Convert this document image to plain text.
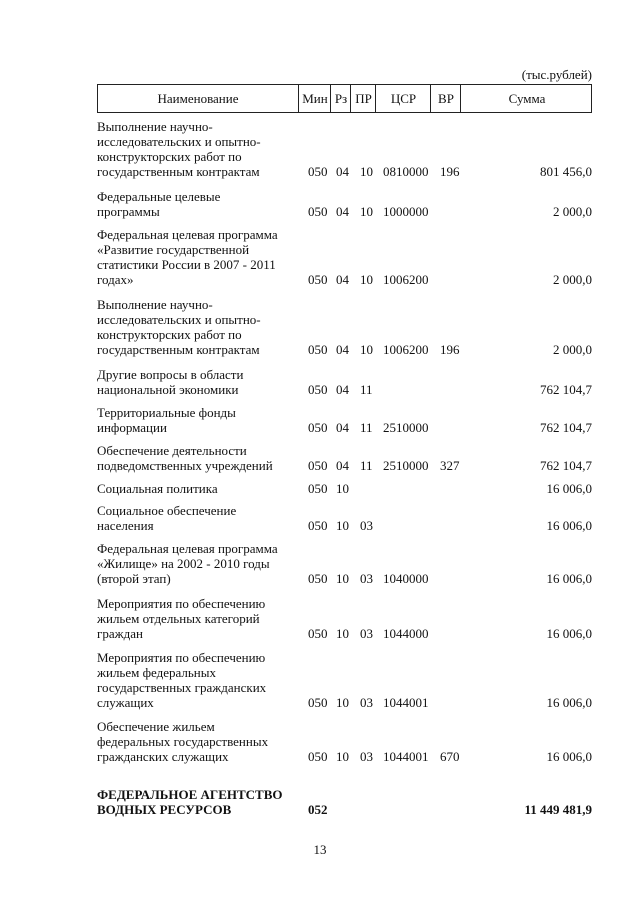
(тыс.рублей)
Наименование	Мин Рз ПР	ЦСР	ВР	Сумма
Выполнение научно-
исследовательских и опытно-
конструкторских работ по
государственным контрактам	050 04 10 0810000 196	801 456,0
Федеральные целевые
программы	050 04 10 1000000	2 000,0
Федеральная целевая программа
«Развитие государственной
статистики России в 2007 - 2011
годах»	050 04 10 1006200	2 000,0
Выполнение научно-
исследовательских и опытно-
конструкторских работ по
государственным контрактам	050 04 10 1006200 196	2 000,0
Другие вопросы в области
национальной экономики	050 04 11	762 104,7
Территориальные фонды
информации	050 04 11 2510000	762 104,7
Обеспечение деятельности
подведомственных учреждений	050 04 11 2510000 327	762 104,7
Социальная политика	050 10	16 006,0
Социальное обеспечение
населения	050 10 03	16 006,0
Федеральная целевая программа
«Жилище» на 2002 - 2010 годы
(второй этап)	050 10 03 1040000	16 006,0
Мероприятия по обеспечению
жильем отдельных категорий
граждан	050 10 03 1044000	16 006,0
Мероприятия по обеспечению
жильем федеральных
государственных гражданских
служащих	050 10 03 1044001	16 006,0
Обеспечение жильем
федеральных государственных
гражданских служащих	050 10 03 1044001 670	16 006,0
ФЕДЕРАЛЬНОЕ АГЕНТСТВО
ВОДНЫХ РЕСУРСОВ	052	11 449 481,9
13
